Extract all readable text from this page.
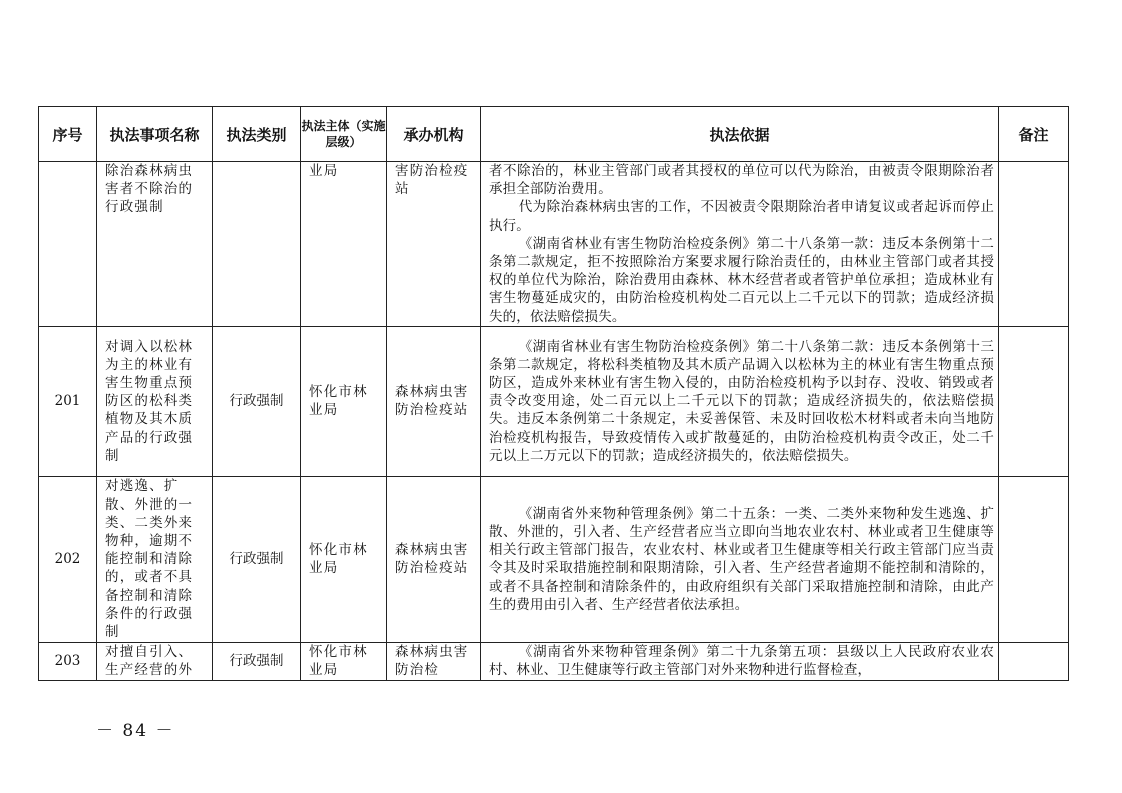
序号	执法事项名称	执法类别	执法主体（实施层级）	承办机构	执法依据	备注
	除治森林病虫害者不除治的行政强制		业局	害防治检疫站	者不除治的，林业主管部门或者其授权的单位可以代为除治，由被责令限期除治者承担全部防治费用。

代为除治森林病虫害的工作，不因被责令限期除治者申请复议或者起诉而停止执行。

《湖南省林业有害生物防治检疫条例》第二十八条第一款：违反本条例第十二条第二款规定，拒不按照除治方案要求履行除治责任的，由林业主管部门或者其授权的单位代为除治，除治费用由森林、林木经营者或者管护单位承担；造成林业有害生物蔓延成灾的，由防治检疫机构处二百元以上二千元以下的罚款；造成经济损失的，依法赔偿损失。	

201	对调入以松林为主的林业有害生物重点预防区的松科类植物及其木质产品的行政强制	行政强制	怀化市林业局	森林病虫害防治检疫站	《湖南省林业有害生物防治检疫条例》第二十八条第二款：违反本条例第十三条第二款规定，将松科类植物及其木质产品调入以松林为主的林业有害生物重点预防区，造成外来林业有害生物入侵的，由防治检疫机构予以封存、没收、销毁或者责令改变用途，处二百元以上二千元以下的罚款；造成经济损失的，依法赔偿损失。违反本条例第二十条规定，未妥善保管、未及时回收松木材料或者未向当地防治检疫机构报告，导致疫情传入或扩散蔓延的，由防治检疫机构责令改正，处二千元以上二万元以下的罚款；造成经济损失的，依法赔偿损失。	

202	对逃逸、扩散、外泄的一类、二类外来物种，逾期不能控制和清除的，或者不具备控制和清除条件的行政强制	行政强制	怀化市林业局	森林病虫害防治检疫站	《湖南省外来物种管理条例》第二十五条：一类、二类外来物种发生逃逸、扩散、外泄的，引入者、生产经营者应当立即向当地农业农村、林业或者卫生健康等相关行政主管部门报告，农业农村、林业或者卫生健康等相关行政主管部门应当责令其及时采取措施控制和限期清除，引入者、生产经营者逾期不能控制和清除的，或者不具备控制和清除条件的，由政府组织有关部门采取措施控制和清除，由此产生的费用由引入者、生产经营者依法承担。	

203	对擅自引入、生产经营的外	行政强制	怀化市林业局	森林病虫害防治检	《湖南省外来物种管理条例》第二十九条第五项：县级以上人民政府农业农村、林业、卫生健康等行政主管部门对外来物种进行监督检查，	

－ 84 －
